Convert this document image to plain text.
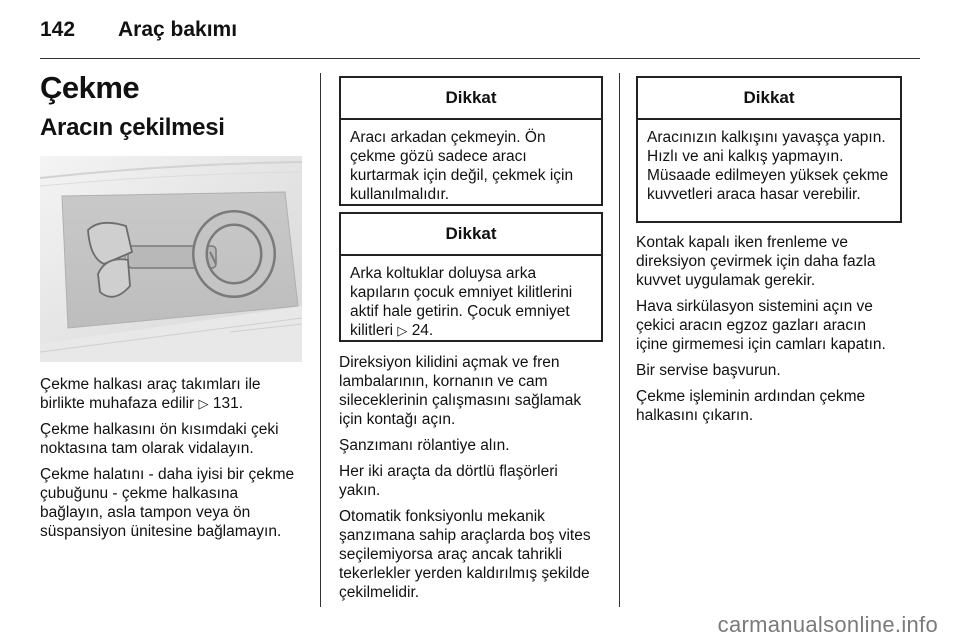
142 Araç bakımı
Çekme
Aracın çekilmesi

Çekme halkası araç takımları ile birlikte muhafaza edilir ▷ 131.

Çekme halkasını ön kısımdaki çeki noktasına tam olarak vidalayın.

Çekme halatını - daha iyisi bir çekme çubuğunu - çekme halkasına bağlayın, asla tampon veya ön süspansiyon ünitesine bağlamayın.

Dikkat
Aracı arkadan çekmeyin. Ön çekme gözü sadece aracı kurtarmak için değil, çekmek için kullanılmalıdır.
Dikkat
Arka koltuklar doluysa arka kapıların çocuk emniyet kilitlerini aktif hale getirin. Çocuk emniyet kilitleri ▷ 24.

Direksiyon kilidini açmak ve fren lambalarının, kornanın ve cam sileceklerinin çalışmasını sağlamak için kontağı açın.

Şanzımanı rölantiye alın.

Her iki araçta da dörtlü flaşörleri yakın.

Otomatik fonksiyonlu mekanik şanzımana sahip araçlarda boş vites seçilemiyorsa araç ancak tahrikli tekerlekler yerden kaldırılmış şekilde çekilmelidir.

Dikkat
Aracınızın kalkışını yavaşça yapın. Hızlı ve ani kalkış yapmayın. Müsaade edilmeyen yüksek çekme kuvvetleri araca hasar verebilir.

Kontak kapalı iken frenleme ve direksiyon çevirmek için daha fazla kuvvet uygulamak gerekir.

Hava sirkülasyon sistemini açın ve çekici aracın egzoz gazları aracın içine girmemesi için camları kapatın.

Bir servise başvurun.

Çekme işleminin ardından çekme halkasını çıkarın.

carmanualsonline.info
